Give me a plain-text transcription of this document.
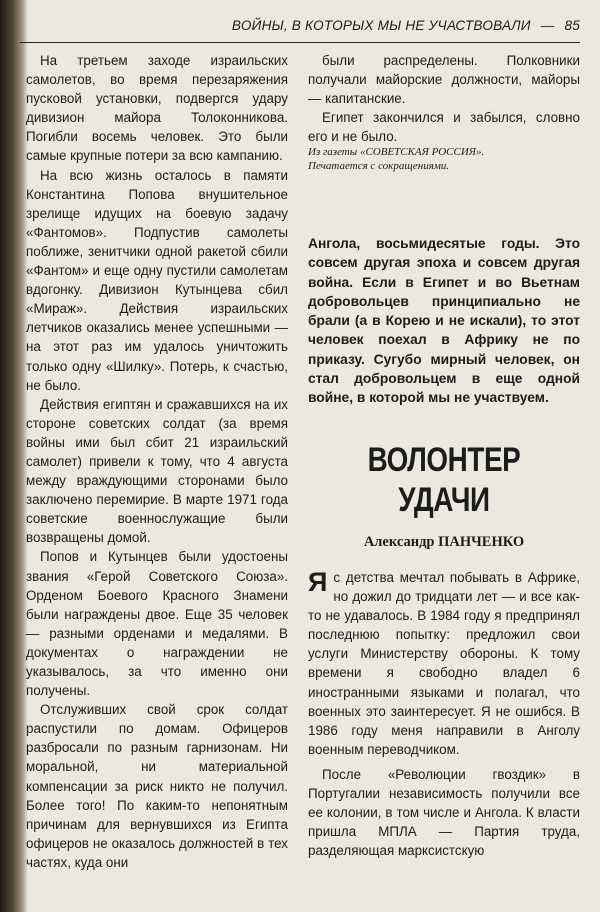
ВОЙНЫ, В КОТОРЫХ МЫ НЕ УЧАСТВОВАЛИ — 85

На третьем заходе израильских самолетов, во время перезаряжения пусковой установки, подвергся удару дивизион майора Толоконникова. Погибли восемь человек. Это были самые крупные потери за всю кампанию.

На всю жизнь осталось в памяти Константина Попова внушительное зрелище идущих на боевую задачу «Фантомов». Подпустив самолеты поближе, зенитчики одной ракетой сбили «Фантом» и еще одну пустили самолетам вдогонку. Дивизион Кутынцева сбил «Мираж». Действия израильских летчиков оказались менее успешными — на этот раз им удалось уничтожить только одну «Шилку». Потерь, к счастью, не было.

Действия египтян и сражавшихся на их стороне советских солдат (за время войны ими был сбит 21 израильский самолет) привели к тому, что 4 августа между враждующими сторонами было заключено перемирие. В марте 1971 года советские военнослужащие были возвращены домой.

Попов и Кутынцев были удостоены звания «Герой Советского Союза». Орденом Боевого Красного Знамени были награждены двое. Еще 35 человек — разными орденами и медалями. В документах о награждении не указывалось, за что именно они получены.

Отслуживших свой срок солдат распустили по домам. Офицеров разбросали по разным гарнизонам. Ни моральной, ни материальной компенсации за риск никто не получил. Более того! По каким-то непонятным причинам для вернувшихся из Египта офицеров не оказалось должностей в тех частях, куда они

были распределены. Полковники получали майорские должности, майоры — капитанские.

Египет закончился и забылся, словно его и не было.

Из газеты «СОВЕТСКАЯ РОССИЯ».
Печатается с сокращениями.

Ангола, восьмидесятые годы. Это совсем другая эпоха и совсем другая война. Если в Египет и во Вьетнам добровольцев принципиально не брали (а в Корею и не искали), то этот человек поехал в Африку не по приказу. Сугубо мирный человек, он стал добровольцем в еще одной войне, в которой мы не участвуем.
ВОЛОНТЕР
УДАЧИ
Александр ПАНЧЕНКО

Я с детства мечтал побывать в Африке, но дожил до тридцати лет — и все как-то не удавалось. В 1984 году я предпринял последнюю попытку: предложил свои услуги Министерству обороны. К тому времени я свободно владел 6 иностранными языками и полагал, что военных это заинтересует. Я не ошибся. В 1986 году меня направили в Анголу военным переводчиком.

После «Революции гвоздик» в Португалии независимость получили все ее колонии, в том числе и Ангола. К власти пришла МПЛА — Партия труда, разделяющая марксистскую
